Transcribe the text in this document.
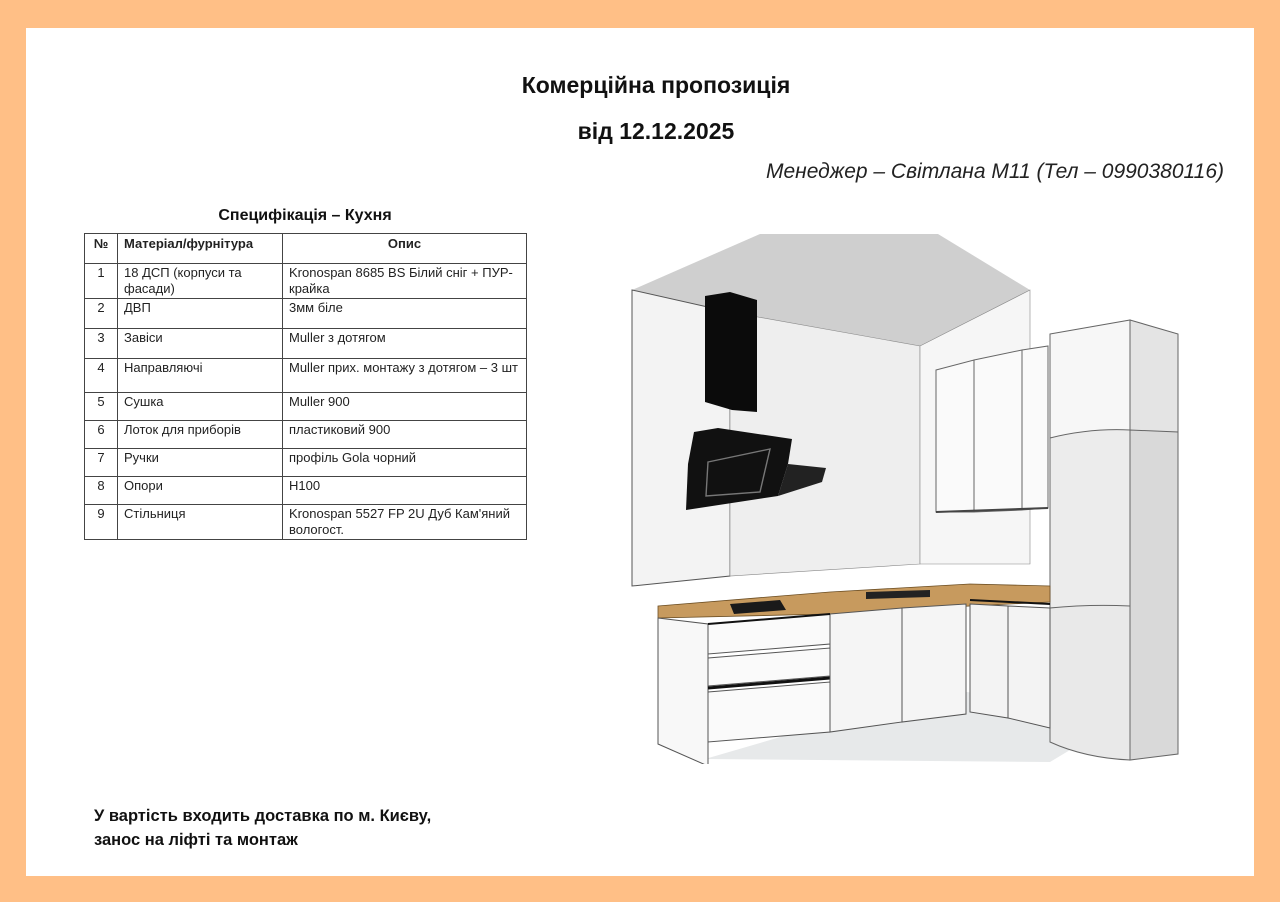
Комерційна пропозиція
від 12.12.2025
Менеджер – Світлана М11 (Тел – 0990380116)
Специфікація – Кухня
№	Матеріал/фурнітура	Опис
1	18 ДСП (корпуси та фасади)	Kronospan 8685 BS Білий сніг + ПУР-крайка
2	ДВП	3мм біле
3	Завіси	Muller з дотягом
4	Направляючі	Muller прих. монтажу з дотягом – 3 шт
5	Сушка	Muller 900
6	Лоток для приборів	пластиковий 900
7	Ручки	профіль Gola чорний
8	Опори	H100
9	Стільниця	Kronospan 5527 FP 2U Дуб Кам'яний вологост.
У вартість входить доставка по м. Києву,
занос на ліфті та монтаж
